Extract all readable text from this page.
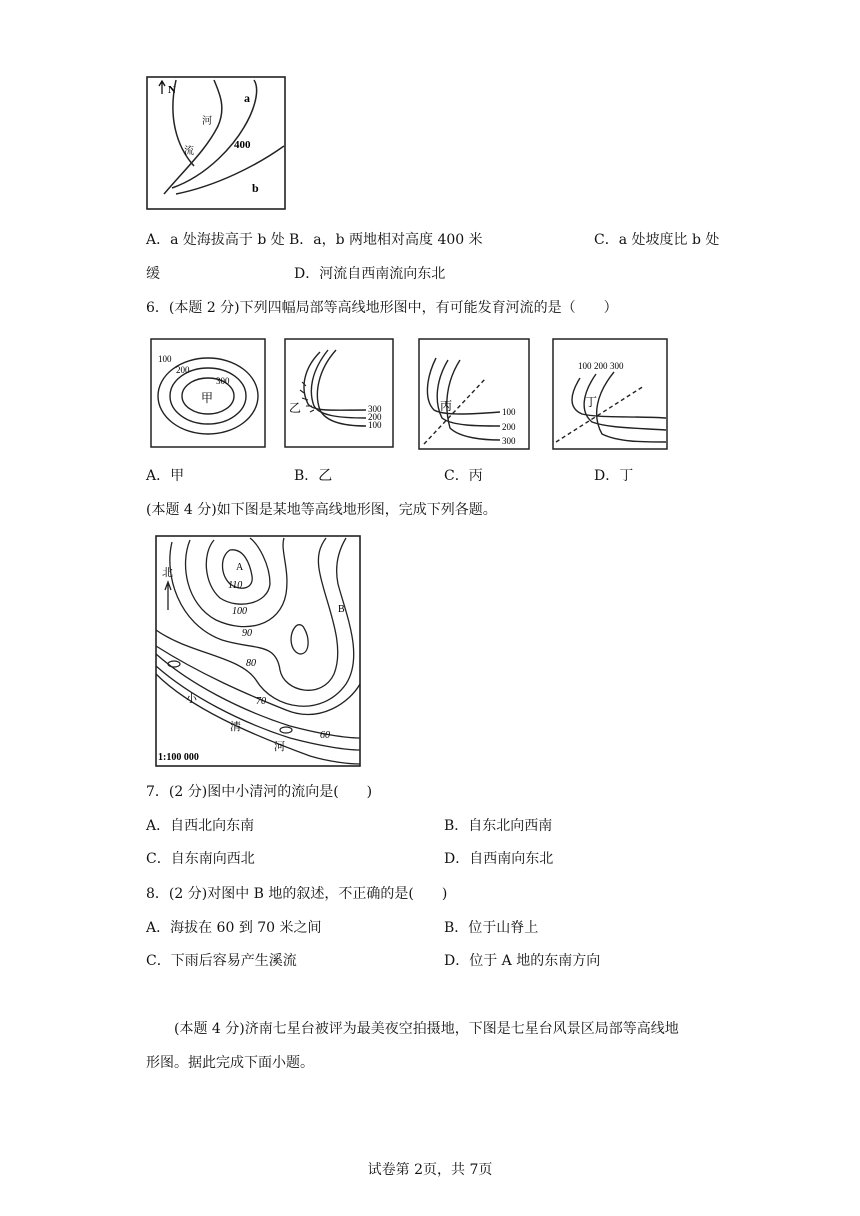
N
a
b
河
流
400
A．a 处海拔高于 b 处 B．a，b 两地相对高度 400 米	C．a 处坡度比 b 处
缓	D．河流自西南流向东北
6．(本题 2 分)下列四幅局部等高线地形图中，有可能发育河流的是（　　）
100
200
300
甲
300
200
100
乙	100
200
300
丙
100 200 300
丁
A．甲	B．乙	C．丙	D．丁
(本题 4 分)如下图是某地等高线地形图，完成下列各题。
北	A
B
110
100
90
80
70
60
小
清
河
1:100 000
7．(2 分)图中小清河的流向是(　　)
A．自西北向东南	B．自东北向西南
C．自东南向西北	D．自西南向东北
8．(2 分)对图中 B 地的叙述，不正确的是(　　)
A．海拔在 60 到 70 米之间	B．位于山脊上
C．下雨后容易产生溪流	D．位于 A 地的东南方向
(本题 4 分)济南七星台被评为最美夜空拍摄地，下图是七星台风景区局部等高线地
形图。据此完成下面小题。
试卷第 2页，共 7页
